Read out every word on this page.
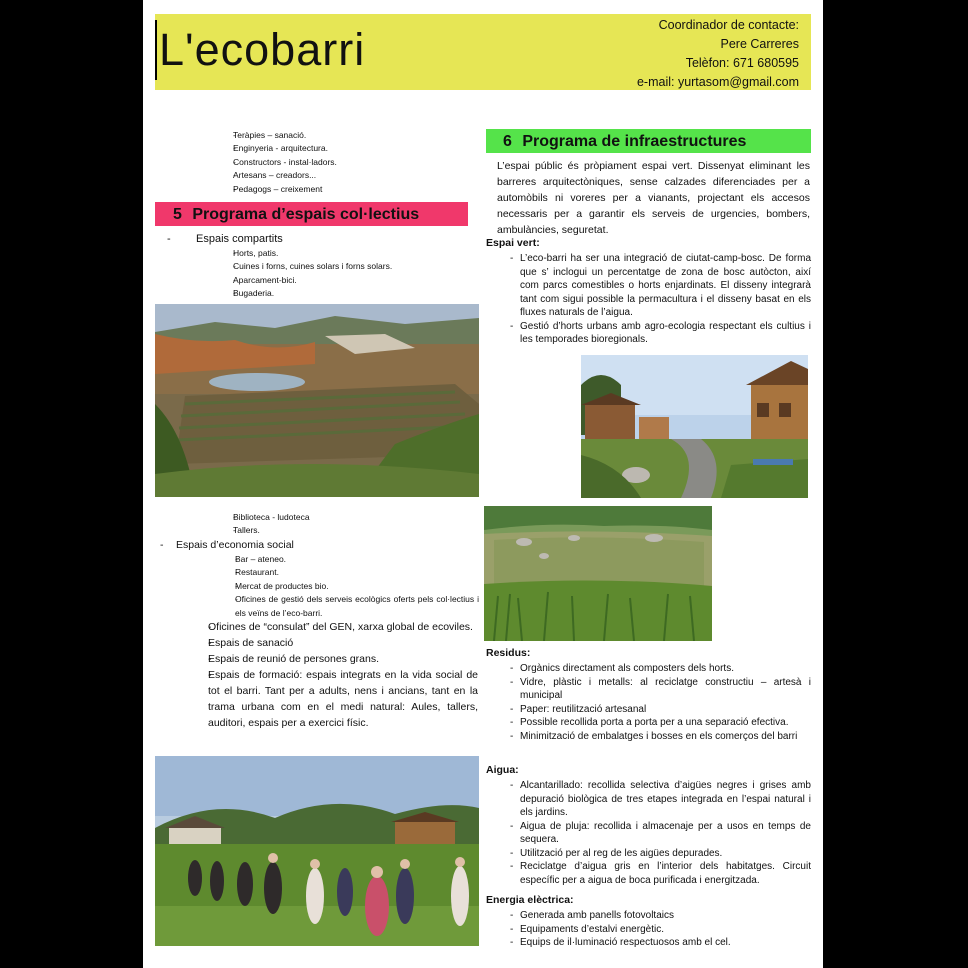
L'ecobarri	Coordinador de contacte:
Pere Carreres
Telèfon: 671 680595
e-mail: yurtasom@gmail.com
- Teràpies – sanació.
- Enginyeria - arquitectura.
- Constructors - instal·ladors.
- Artesans – creadors...
- Pedagogs – creixement
5 Programa d’espais col·lectius
- Espais compartits
- Horts, patis.
- Cuines i forns, cuines solars i forns solars.
- Aparcament-bici.
- Bugaderia.
- Biblioteca - ludoteca
- Tallers.
- Espais d’economia social
- Bar – ateneo.
- Restaurant.
- Mercat de productes bio.
- Oficines de gestió dels serveis ecològics oferts pels col·lectius i els veïns de l’eco-barri.
- Oficines de “consulat” del GEN, xarxa global de ecoviles.
- Espais de sanació
- Espais de reunió de persones grans.
- Espais de formació: espais integrats en la vida social de tot el barri. Tant per a adults, nens i ancians, tant en la trama urbana com en el medi natural: Aules, tallers, auditori, espais per a exercici físic.
6 Programa de infraestructures
L’espai públic és pròpiament espai vert. Dissenyat eliminant les barreres arquitectòniques, sense calzades diferenciades per a automòbils ni voreres per a vianants, projectant els accesos necessaris per a garantir els serveis de urgencies, bombers, ambulàncies, seguretat.
Espai vert:
- L’eco-barri ha ser una integració de ciutat-camp-bosc. De forma que s’ inclogui un percentatge de zona de bosc autòcton, així com parcs comestibles o horts enjardinats. El disseny integrarà tant com sigui possible la permacultura i el disseny basat en els fluxes naturals de l’aigua.
- Gestió d’horts urbans amb agro-ecologia respectant els cultius i les temporades bioregionals.
Residus:
- Orgànics directament als composters dels horts.
- Vidre, plàstic i metalls: al reciclatge constructiu – artesà i municipal
- Paper: reutilització artesanal
- Possible recollida porta a porta per a una separació efectiva.
- Minimització de embalatges i bosses en els comerços del barri
Aigua:
- Alcantarillado: recollida selectiva d’aigües negres i grises amb depuració biològica de tres etapes integrada en l’espai natural i els jardins.
- Aigua de pluja: recollida i almacenaje per a usos en temps de sequera.
- Utilització per al reg de les aigües depurades.
- Reciclatge d’aigua gris en l’interior dels habitatges. Circuit específic per a aigua de boca purificada i energitzada.
Energia elèctrica:
- Generada amb panells fotovoltaics
- Equipaments d’estalvi energètic.
- Equips de il·luminació respectuosos amb el cel.
